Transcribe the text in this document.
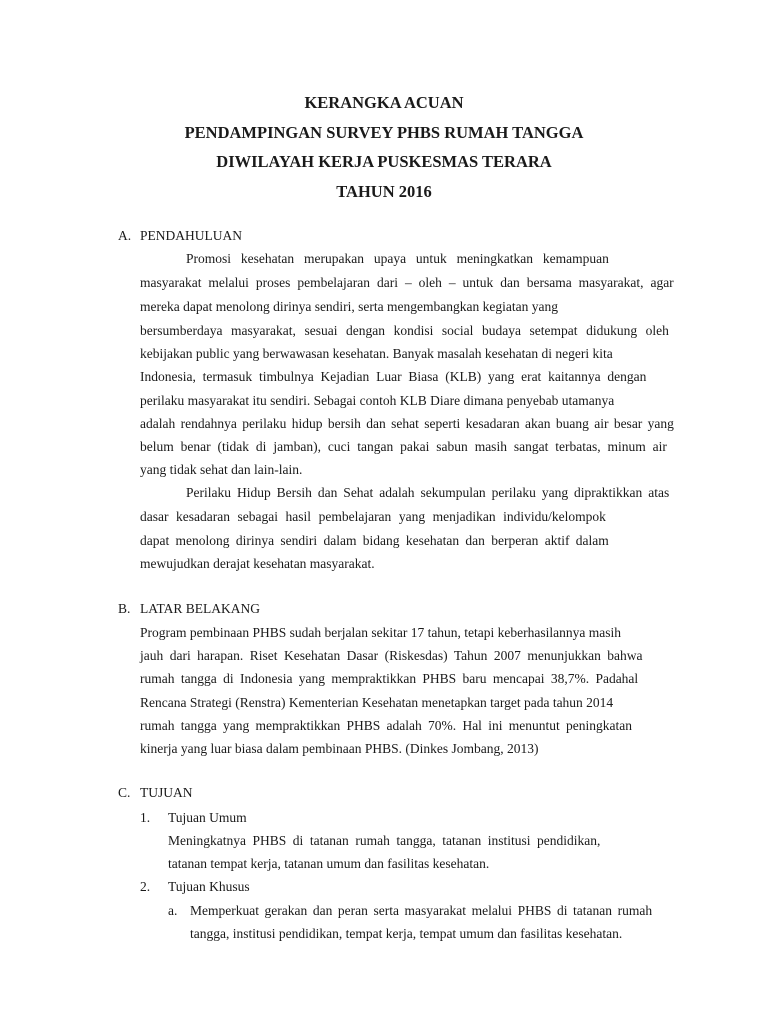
KERANGKA ACUAN

PENDAMPINGAN SURVEY PHBS RUMAH TANGGA

DIWILAYAH KERJA PUSKESMAS TERARA

TAHUN 2016

A. PENDAHULUAN
Promosi kesehatan merupakan upaya untuk meningkatkan kemampuan
masyarakat melalui proses pembelajaran dari – oleh – untuk dan bersama masyarakat, agar
mereka dapat menolong dirinya sendiri, serta mengembangkan kegiatan yang
bersumberdaya masyarakat, sesuai dengan kondisi social budaya setempat didukung oleh
kebijakan public yang berwawasan kesehatan. Banyak masalah kesehatan di negeri kita
Indonesia, termasuk timbulnya Kejadian Luar Biasa (KLB) yang erat kaitannya dengan
perilaku masyarakat itu sendiri. Sebagai contoh KLB Diare dimana penyebab utamanya
adalah rendahnya perilaku hidup bersih dan sehat seperti kesadaran akan buang air besar yang
belum benar (tidak di jamban), cuci tangan pakai sabun masih sangat terbatas, minum air
yang tidak sehat dan lain-lain.
Perilaku Hidup Bersih dan Sehat adalah sekumpulan perilaku yang dipraktikkan atas
dasar kesadaran sebagai hasil pembelajaran yang menjadikan individu/kelompok
dapat menolong dirinya sendiri dalam bidang kesehatan dan berperan aktif dalam
mewujudkan derajat kesehatan masyarakat.
B. LATAR BELAKANG
Program pembinaan PHBS sudah berjalan sekitar 17 tahun, tetapi keberhasilannya masih
jauh dari harapan. Riset Kesehatan Dasar (Riskesdas) Tahun 2007 menunjukkan bahwa
rumah tangga di Indonesia yang mempraktikkan PHBS baru mencapai 38,7%. Padahal
Rencana Strategi (Renstra) Kementerian Kesehatan menetapkan target pada tahun 2014
rumah tangga yang mempraktikkan PHBS adalah 70%. Hal ini menuntut peningkatan
kinerja yang luar biasa dalam pembinaan PHBS. (Dinkes Jombang, 2013)
C. TUJUAN
1. Tujuan Umum
Meningkatnya PHBS di tatanan rumah tangga, tatanan institusi pendidikan,
tatanan tempat kerja, tatanan umum dan fasilitas kesehatan.
2. Tujuan Khusus
a. Memperkuat gerakan dan peran serta masyarakat melalui PHBS di tatanan rumah
tangga, institusi pendidikan, tempat kerja, tempat umum dan fasilitas kesehatan.
